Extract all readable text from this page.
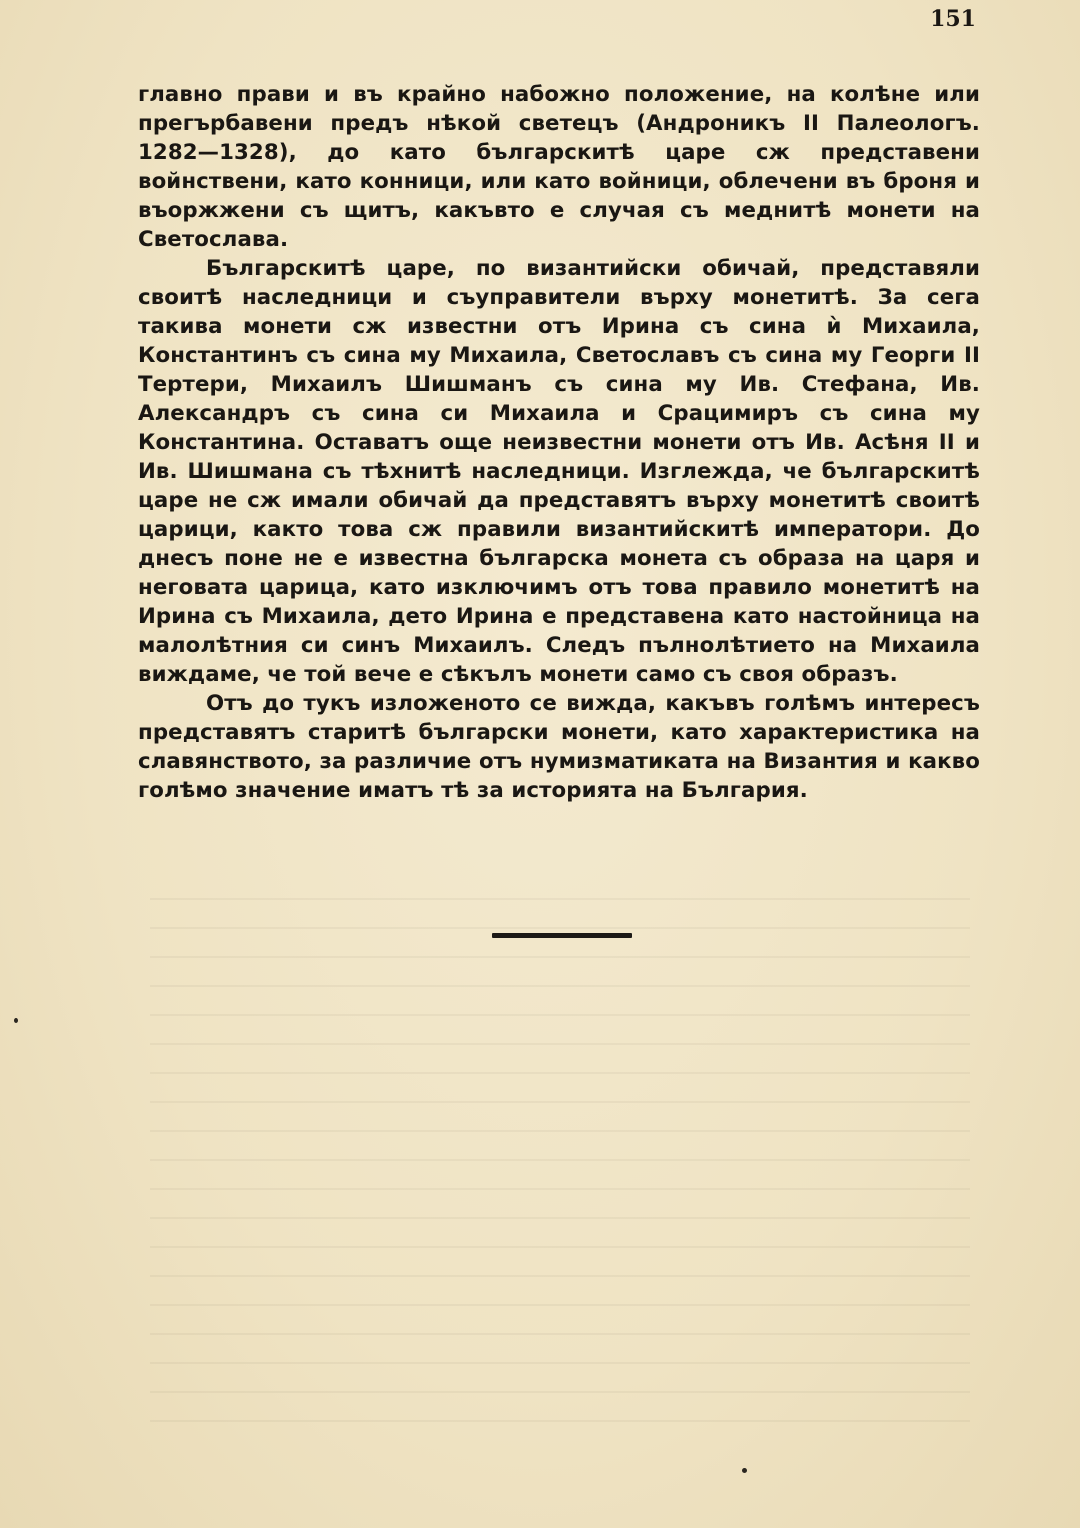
151

главно прави и въ крайно набожно положение, на колѣне или прегърбавени предъ нѣкой светецъ (Андроникъ II Палеологъ. 1282—1328), до като българскитѣ царе сж представени войнствени, като конници, или като войници, облечени въ броня и въоржжени съ щитъ, какъвто е случая съ меднитѣ монети на Светослава.

Българскитѣ царе, по византийски обичай, представяли своитѣ наследници и съуправители върху монетитѣ. За сега такива монети сж известни отъ Ирина съ сина ѝ Михаила, Константинъ съ сина му Михаила, Светославъ съ сина му Георги II Тертери, Михаилъ Шишманъ съ сина му Ив. Стефана, Ив. Александръ съ сина си Михаила и Срацимиръ съ сина му Константина. Оставатъ още неизвестни монети отъ Ив. Асѣня II и Ив. Шишмана съ тѣхнитѣ наследници. Изглежда, че българскитѣ царе не сж имали обичай да представятъ върху монетитѣ своитѣ царици, както това сж правили византийскитѣ императори. До днесъ поне не е известна българска монета съ образа на царя и неговата царица, като изключимъ отъ това правило монетитѣ на Ирина съ Михаила, дето Ирина е представена като настойница на малолѣтния си синъ Михаилъ. Следъ пълнолѣтието на Михаила виждаме, че той вече е сѣкълъ монети само съ своя образъ.

Отъ до тукъ изложеното се вижда, какъвъ голѣмъ интересъ представятъ старитѣ български монети, като характеристика на славянството, за различие отъ нумизматиката на Византия и какво голѣмо значение иматъ тѣ за историята на България.
